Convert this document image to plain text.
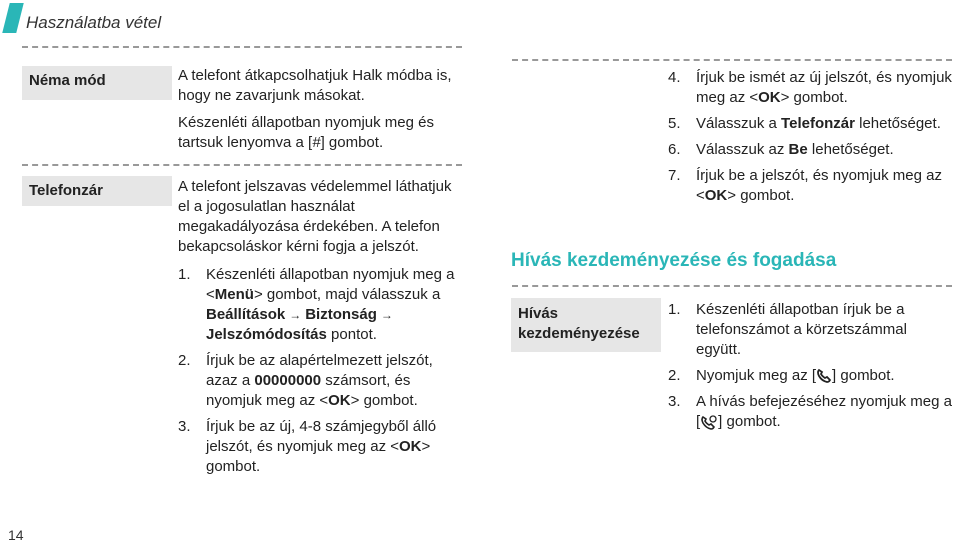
Használatba vétel
Néma mód	A telefont átkapcsolhatjuk Halk módba is, hogy ne zavarjunk másokat.

Készenléti állapotban nyomjuk meg és tartsuk lenyomva a [#] gombot.

Telefonzár	A telefont jelszavas védelemmel láthatjuk el a jogosulatlan használat megakadályozása érdekében. A telefon bekapcsoláskor kérni fogja a jelszót.

1. Készenléti állapotban nyomjuk meg a <Menü> gombot, majd válasszuk a Beállítások → Biztonság → Jelszómódosítás pontot.
2. Írjuk be az alapértelmezett jelszót, azaz a 00000000 számsort, és nyomjuk meg az <OK> gombot.
3. Írjuk be az új, 4-8 számjegyből álló jelszót, és nyomjuk meg az <OK> gombot.
4. Írjuk be ismét az új jelszót, és nyomjuk meg az <OK> gombot.
5. Válasszuk a Telefonzár lehetőséget.
6. Válasszuk az Be lehetőséget.
7. Írjuk be a jelszót, és nyomjuk meg az <OK> gombot.
Hívás kezdeményezése és fogadása
Hívás kezdeményezése
1. Készenléti állapotban írjuk be a telefonszámot a körzetszámmal együtt.
2. Nyomjuk meg az [ ] gombot.
3. A hívás befejezéséhez nyomjuk meg a [ ] gombot.
14
